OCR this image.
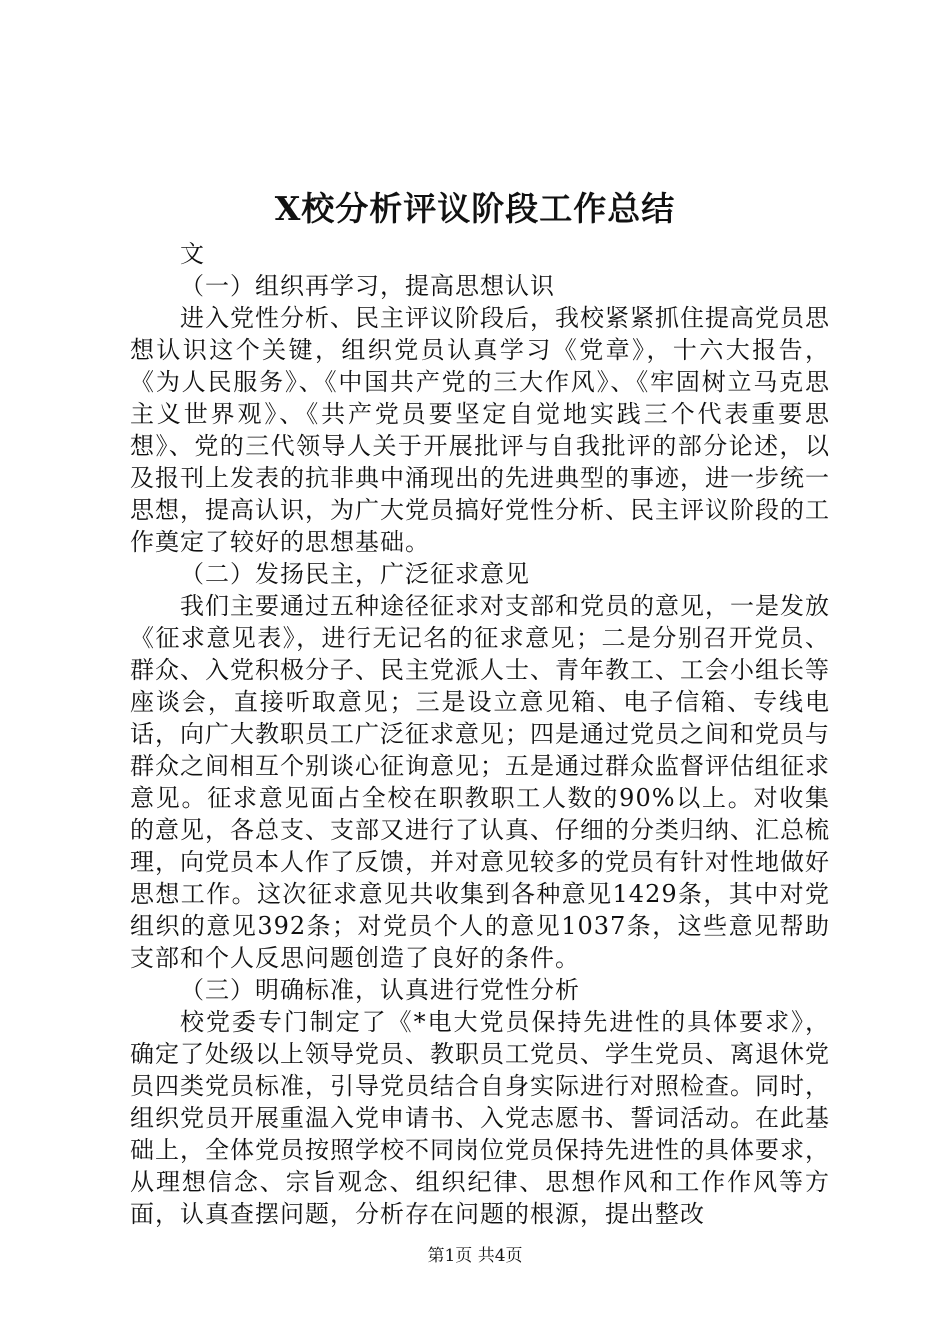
X校分析评议阶段工作总结

文

（一）组织再学习，提高思想认识

进入党性分析、民主评议阶段后，我校紧紧抓住提高党员思想认识这个关键，组织党员认真学习《党章》，十六大报告，《为人民服务》、《中国共产党的三大作风》、《牢固树立马克思主义世界观》、《共产党员要坚定自觉地实践三个代表重要思想》、党的三代领导人关于开展批评与自我批评的部分论述，以及报刊上发表的抗非典中涌现出的先进典型的事迹，进一步统一思想，提高认识，为广大党员搞好党性分析、民主评议阶段的工作奠定了较好的思想基础。

（二）发扬民主，广泛征求意见

我们主要通过五种途径征求对支部和党员的意见，一是发放《征求意见表》，进行无记名的征求意见；二是分别召开党员、群众、入党积极分子、民主党派人士、青年教工、工会小组长等座谈会，直接听取意见；三是设立意见箱、电子信箱、专线电话，向广大教职员工广泛征求意见；四是通过党员之间和党员与群众之间相互个别谈心征询意见；五是通过群众监督评估组征求意见。征求意见面占全校在职教职工人数的90%以上。对收集的意见，各总支、支部又进行了认真、仔细的分类归纳、汇总梳理，向党员本人作了反馈，并对意见较多的党员有针对性地做好思想工作。这次征求意见共收集到各种意见1429条，其中对党组织的意见392条；对党员个人的意见1037条，这些意见帮助支部和个人反思问题创造了良好的条件。

（三）明确标准，认真进行党性分析

校党委专门制定了《*电大党员保持先进性的具体要求》，确定了处级以上领导党员、教职员工党员、学生党员、离退休党员四类党员标准，引导党员结合自身实际进行对照检查。同时，组织党员开展重温入党申请书、入党志愿书、誓词活动。在此基础上，全体党员按照学校不同岗位党员保持先进性的具体要求，从理想信念、宗旨观念、组织纪律、思想作风和工作作风等方面，认真查摆问题，分析存在问题的根源，提出整改

第1页 共4页
